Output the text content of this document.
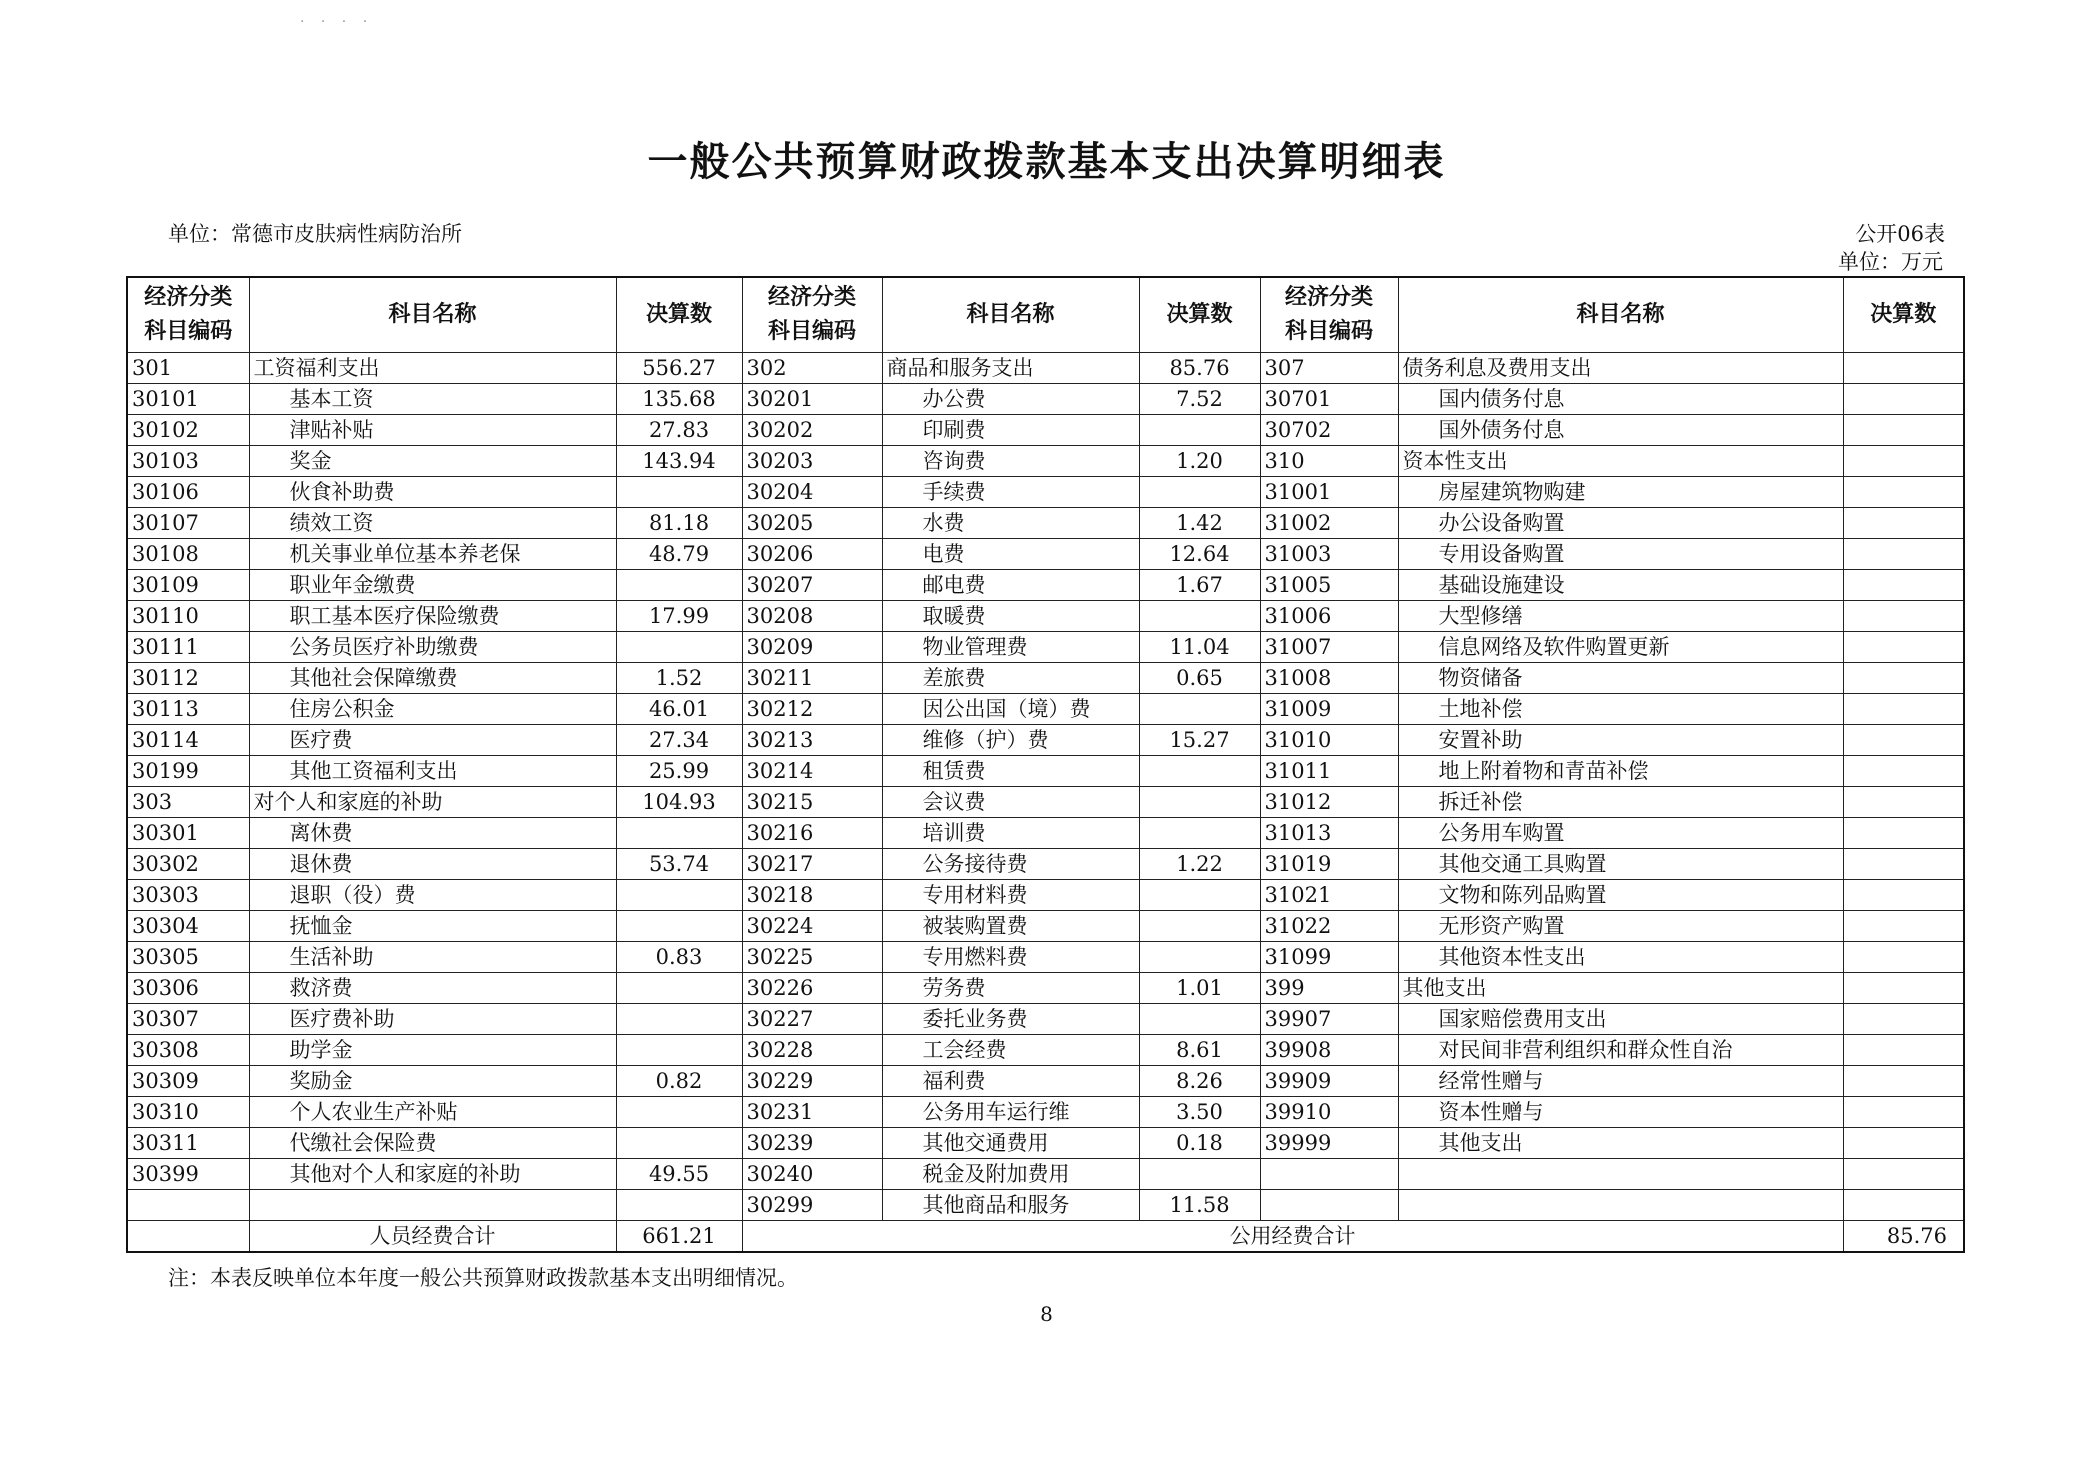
· · · ·
一般公共预算财政拨款基本支出决算明细表
单位：常德市皮肤病性病防治所	公开06表
单位：万元
经济分类
科目编码	科目名称	决算数	经济分类
科目编码	科目名称	决算数	经济分类
科目编码	科目名称	决算数
301	工资福利支出	556.27	302	商品和服务支出	85.76	307	债务利息及费用支出	
30101	基本工资	135.68	30201	办公费	7.52	30701	国内债务付息	
30102	津贴补贴	27.83	30202	印刷费		30702	国外债务付息	
30103	奖金	143.94	30203	咨询费	1.20	310	资本性支出	
30106	伙食补助费		30204	手续费		31001	房屋建筑物购建	
30107	绩效工资	81.18	30205	水费	1.42	31002	办公设备购置	
30108	机关事业单位基本养老保	48.79	30206	电费	12.64	31003	专用设备购置	
30109	职业年金缴费		30207	邮电费	1.67	31005	基础设施建设	
30110	职工基本医疗保险缴费	17.99	30208	取暖费		31006	大型修缮	
30111	公务员医疗补助缴费		30209	物业管理费	11.04	31007	信息网络及软件购置更新	
30112	其他社会保障缴费	1.52	30211	差旅费	0.65	31008	物资储备	
30113	住房公积金	46.01	30212	因公出国（境）费		31009	土地补偿	
30114	医疗费	27.34	30213	维修（护）费	15.27	31010	安置补助	
30199	其他工资福利支出	25.99	30214	租赁费		31011	地上附着物和青苗补偿	
303	对个人和家庭的补助	104.93	30215	会议费		31012	拆迁补偿	
30301	离休费		30216	培训费		31013	公务用车购置	
30302	退休费	53.74	30217	公务接待费	1.22	31019	其他交通工具购置	
30303	退职（役）费		30218	专用材料费		31021	文物和陈列品购置	
30304	抚恤金		30224	被装购置费		31022	无形资产购置	
30305	生活补助	0.83	30225	专用燃料费		31099	其他资本性支出	
30306	救济费		30226	劳务费	1.01	399	其他支出	
30307	医疗费补助		30227	委托业务费		39907	国家赔偿费用支出	
30308	助学金		30228	工会经费	8.61	39908	对民间非营利组织和群众性自治	
30309	奖励金	0.82	30229	福利费	8.26	39909	经常性赠与	
30310	个人农业生产补贴		30231	公务用车运行维	3.50	39910	资本性赠与	
30311	代缴社会保险费		30239	其他交通费用	0.18	39999	其他支出	
30399	其他对个人和家庭的补助	49.55	30240	税金及附加费用				
			30299	其他商品和服务	11.58			
	人员经费合计	661.21	公用经费合计					85.76
注：本表反映单位本年度一般公共预算财政拨款基本支出明细情况。
8
